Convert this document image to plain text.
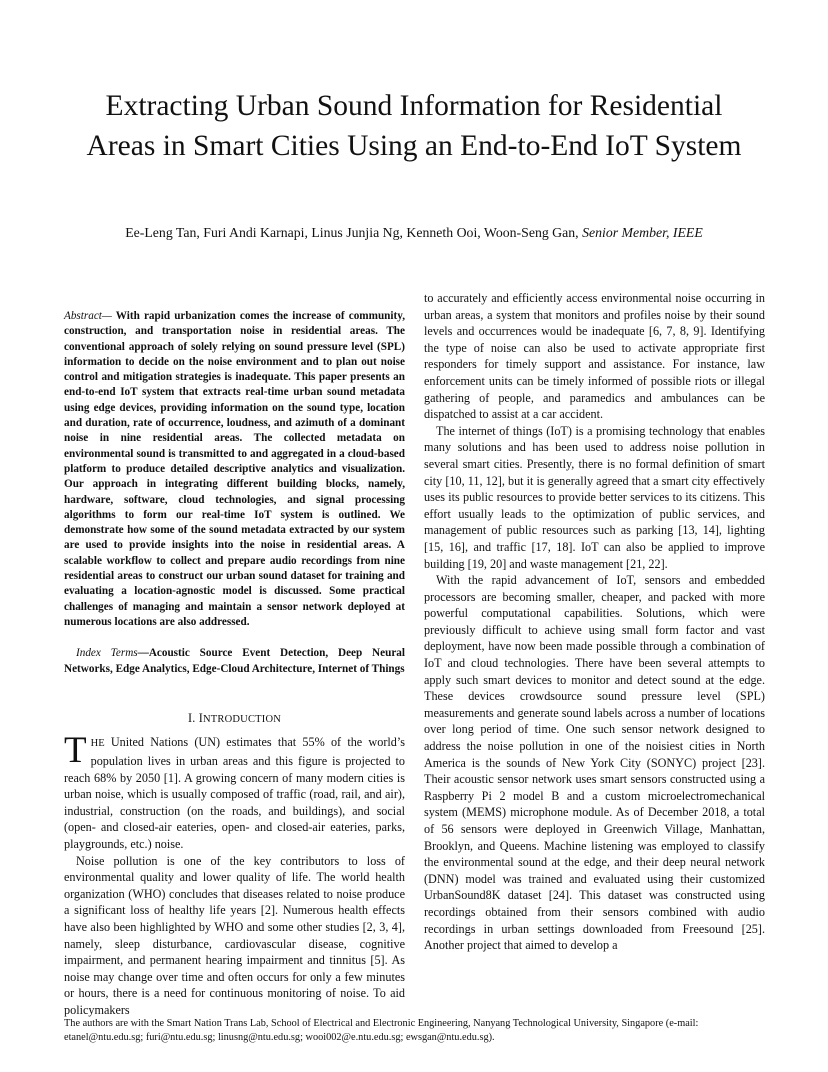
Extracting Urban Sound Information for Residential Areas in Smart Cities Using an End-to-End IoT System
Ee-Leng Tan, Furi Andi Karnapi, Linus Junjia Ng, Kenneth Ooi, Woon-Seng Gan, Senior Member, IEEE

Abstract— With rapid urbanization comes the increase of community, construction, and transportation noise in residential areas. The conventional approach of solely relying on sound pressure level (SPL) information to decide on the noise environment and to plan out noise control and mitigation strategies is inadequate. This paper presents an end-to-end IoT system that extracts real-time urban sound metadata using edge devices, providing information on the sound type, location and duration, rate of occurrence, loudness, and azimuth of a dominant noise in nine residential areas. The collected metadata on environmental sound is transmitted to and aggregated in a cloud-based platform to produce detailed descriptive analytics and visualization. Our approach in integrating different building blocks, namely, hardware, software, cloud technologies, and signal processing algorithms to form our real-time IoT system is outlined. We demonstrate how some of the sound metadata extracted by our system are used to provide insights into the noise in residential areas. A scalable workflow to collect and prepare audio recordings from nine residential areas to construct our urban sound dataset for training and evaluating a location-agnostic model is discussed. Some practical challenges of managing and maintain a sensor network deployed at numerous locations are also addressed.

Index Terms—Acoustic Source Event Detection, Deep Neural Networks, Edge Analytics, Edge-Cloud Architecture, Internet of Things

I. INTRODUCTION

THE United Nations (UN) estimates that 55% of the world’s population lives in urban areas and this figure is projected to reach 68% by 2050 [1]. A growing concern of many modern cities is urban noise, which is usually composed of traffic (road, rail, and air), industrial, construction (on the roads, and buildings), and social (open- and closed-air eateries, open- and closed-air eateries, parks, playgrounds, etc.) noise.

Noise pollution is one of the key contributors to loss of environmental quality and lower quality of life. The world health organization (WHO) concludes that diseases related to noise produce a significant loss of healthy life years [2]. Numerous health effects have also been highlighted by WHO and some other studies [2, 3, 4], namely, sleep disturbance, cardiovascular disease, cognitive impairment, and permanent hearing impairment and tinnitus [5]. As noise may change over time and often occurs for only a few minutes or hours, there is a need for continuous monitoring of noise. To aid policymakers

to accurately and efficiently access environmental noise occurring in urban areas, a system that monitors and profiles noise by their sound levels and occurrences would be inadequate [6, 7, 8, 9]. Identifying the type of noise can also be used to activate appropriate first responders for timely support and assistance. For instance, law enforcement units can be timely informed of possible riots or illegal gathering of people, and paramedics and ambulances can be dispatched to assist at a car accident.

The internet of things (IoT) is a promising technology that enables many solutions and has been used to address noise pollution in several smart cities. Presently, there is no formal definition of smart city [10, 11, 12], but it is generally agreed that a smart city effectively uses its public resources to provide better services to its citizens. This effort usually leads to the optimization of public services, and management of public resources such as parking [13, 14], lighting [15, 16], and traffic [17, 18]. IoT can also be applied to improve building [19, 20] and waste management [21, 22].

With the rapid advancement of IoT, sensors and embedded processors are becoming smaller, cheaper, and packed with more powerful computational capabilities. Solutions, which were previously difficult to achieve using small form factor and vast deployment, have now been made possible through a combination of IoT and cloud technologies. There have been several attempts to apply such smart devices to monitor and detect sound at the edge. These devices crowdsource sound pressure level (SPL) measurements and generate sound labels across a number of locations over long period of time. One such sensor network designed to address the noise pollution in one of the noisiest cities in North America is the sounds of New York City (SONYC) project [23]. Their acoustic sensor network uses smart sensors constructed using a Raspberry Pi 2 model B and a custom microelectromechanical system (MEMS) microphone module. As of December 2018, a total of 56 sensors were deployed in Greenwich Village, Manhattan, Brooklyn, and Queens. Machine listening was employed to classify the environmental sound at the edge, and their deep neural network (DNN) model was trained and evaluated using their customized UrbanSound8K dataset [24]. This dataset was constructed using recordings obtained from their sensors combined with audio recordings in urban settings downloaded from Freesound [25]. Another project that aimed to develop a

The authors are with the Smart Nation Trans Lab, School of Electrical and Electronic Engineering, Nanyang Technological University, Singapore (e-mail: etanel@ntu.edu.sg; furi@ntu.edu.sg; linusng@ntu.edu.sg; wooi002@e.ntu.edu.sg; ewsgan@ntu.edu.sg).
